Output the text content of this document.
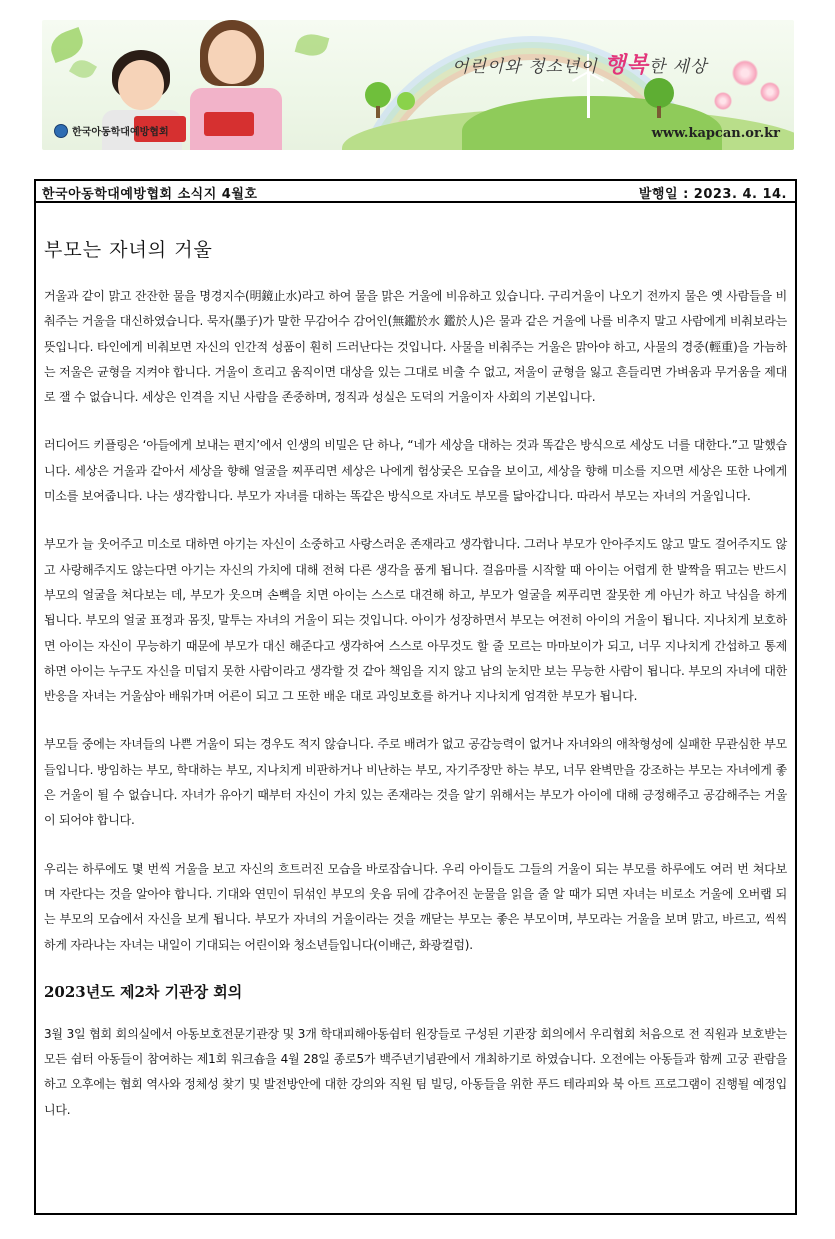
한국아동학대예방협회
어린이와 청소년이 행복한 세상
www.kapcan.or.kr
한국아동학대예방협회 소식지 4월호	발행일 : 2023. 4. 14.
부모는 자녀의 거울

거울과 같이 맑고 잔잔한 물을 명경지수(明鏡止水)라고 하여 물을 맑은 거울에 비유하고 있습니다. 구리거울이 나오기 전까지 물은 옛 사람들을 비춰주는 거울을 대신하였습니다. 묵자(墨子)가 말한 무감어수 감어인(無鑑於水 鑑於人)은 물과 같은 거울에 나를 비추지 말고 사람에게 비춰보라는 뜻입니다. 타인에게 비춰보면 자신의 인간적 성품이 훤히 드러난다는 것입니다. 사물을 비춰주는 거울은 맑아야 하고, 사물의 경중(輕重)을 가늠하는 저울은 균형을 지켜야 합니다. 거울이 흐리고 움직이면 대상을 있는 그대로 비출 수 없고, 저울이 균형을 잃고 흔들리면 가벼움과 무거움을 제대로 잴 수 없습니다. 세상은 인격을 지닌 사람을 존중하며, 정직과 성실은 도덕의 거울이자 사회의 기본입니다.

러디어드 키플링은 ‘아들에게 보내는 편지’에서 인생의 비밀은 단 하나, “네가 세상을 대하는 것과 똑같은 방식으로 세상도 너를 대한다.”고 말했습니다. 세상은 거울과 같아서 세상을 향해 얼굴을 찌푸리면 세상은 나에게 험상궂은 모습을 보이고, 세상을 향해 미소를 지으면 세상은 또한 나에게 미소를 보여줍니다. 나는 생각합니다. 부모가 자녀를 대하는 똑같은 방식으로 자녀도 부모를 닮아갑니다. 따라서 부모는 자녀의 거울입니다.

부모가 늘 웃어주고 미소로 대하면 아기는 자신이 소중하고 사랑스러운 존재라고 생각합니다. 그러나 부모가 안아주지도 않고 말도 걸어주지도 않고 사랑해주지도 않는다면 아기는 자신의 가치에 대해 전혀 다른 생각을 품게 됩니다. 걸음마를 시작할 때 아이는 어렵게 한 발짝을 뛰고는 반드시 부모의 얼굴을 쳐다보는 데, 부모가 웃으며 손뼉을 치면 아이는 스스로 대견해 하고, 부모가 얼굴을 찌푸리면 잘못한 게 아닌가 하고 낙심을 하게 됩니다. 부모의 얼굴 표정과 몸짓, 말투는 자녀의 거울이 되는 것입니다. 아이가 성장하면서 부모는 여전히 아이의 거울이 됩니다. 지나치게 보호하면 아이는 자신이 무능하기 때문에 부모가 대신 해준다고 생각하여 스스로 아무것도 할 줄 모르는 마마보이가 되고, 너무 지나치게 간섭하고 통제하면 아이는 누구도 자신을 미덥지 못한 사람이라고 생각할 것 같아 책임을 지지 않고 남의 눈치만 보는 무능한 사람이 됩니다. 부모의 자녀에 대한 반응을 자녀는 거울삼아 배워가며 어른이 되고 그 또한 배운 대로 과잉보호를 하거나 지나치게 엄격한 부모가 됩니다.

부모들 중에는 자녀들의 나쁜 거울이 되는 경우도 적지 않습니다. 주로 배려가 없고 공감능력이 없거나 자녀와의 애착형성에 실패한 무관심한 부모들입니다. 방임하는 부모, 학대하는 부모, 지나치게 비판하거나 비난하는 부모, 자기주장만 하는 부모, 너무 완벽만을 강조하는 부모는 자녀에게 좋은 거울이 될 수 없습니다. 자녀가 유아기 때부터 자신이 가치 있는 존재라는 것을 알기 위해서는 부모가 아이에 대해 긍정해주고 공감해주는 거울이 되어야 합니다.

우리는 하루에도 몇 번씩 거울을 보고 자신의 흐트러진 모습을 바로잡습니다. 우리 아이들도 그들의 거울이 되는 부모를 하루에도 여러 번 쳐다보며 자란다는 것을 알아야 합니다. 기대와 연민이 뒤섞인 부모의 웃음 뒤에 감추어진 눈물을 읽을 줄 알 때가 되면 자녀는 비로소 거울에 오버랩 되는 부모의 모습에서 자신을 보게 됩니다. 부모가 자녀의 거울이라는 것을 깨닫는 부모는 좋은 부모이며, 부모라는 거울을 보며 맑고, 바르고, 씩씩하게 자라나는 자녀는 내일이 기대되는 어린이와 청소년들입니다(이배근, 화광컬럼).

2023년도 제2차 기관장 회의

3월 3일 협회 회의실에서 아동보호전문기관장 및 3개 학대피해아동쉼터 원장들로 구성된 기관장 회의에서 우리협회 처음으로 전 직원과 보호받는 모든 쉼터 아동들이 참여하는 제1회 워크숍을 4월 28일 종로5가 백주년기념관에서 개최하기로 하였습니다. 오전에는 아동들과 함께 고궁 관람을 하고 오후에는 협회 역사와 정체성 찾기 및 발전방안에 대한 강의와 직원 팀 빌딩, 아동들을 위한 푸드 테라피와 북 아트 프로그램이 진행될 예정입니다.
